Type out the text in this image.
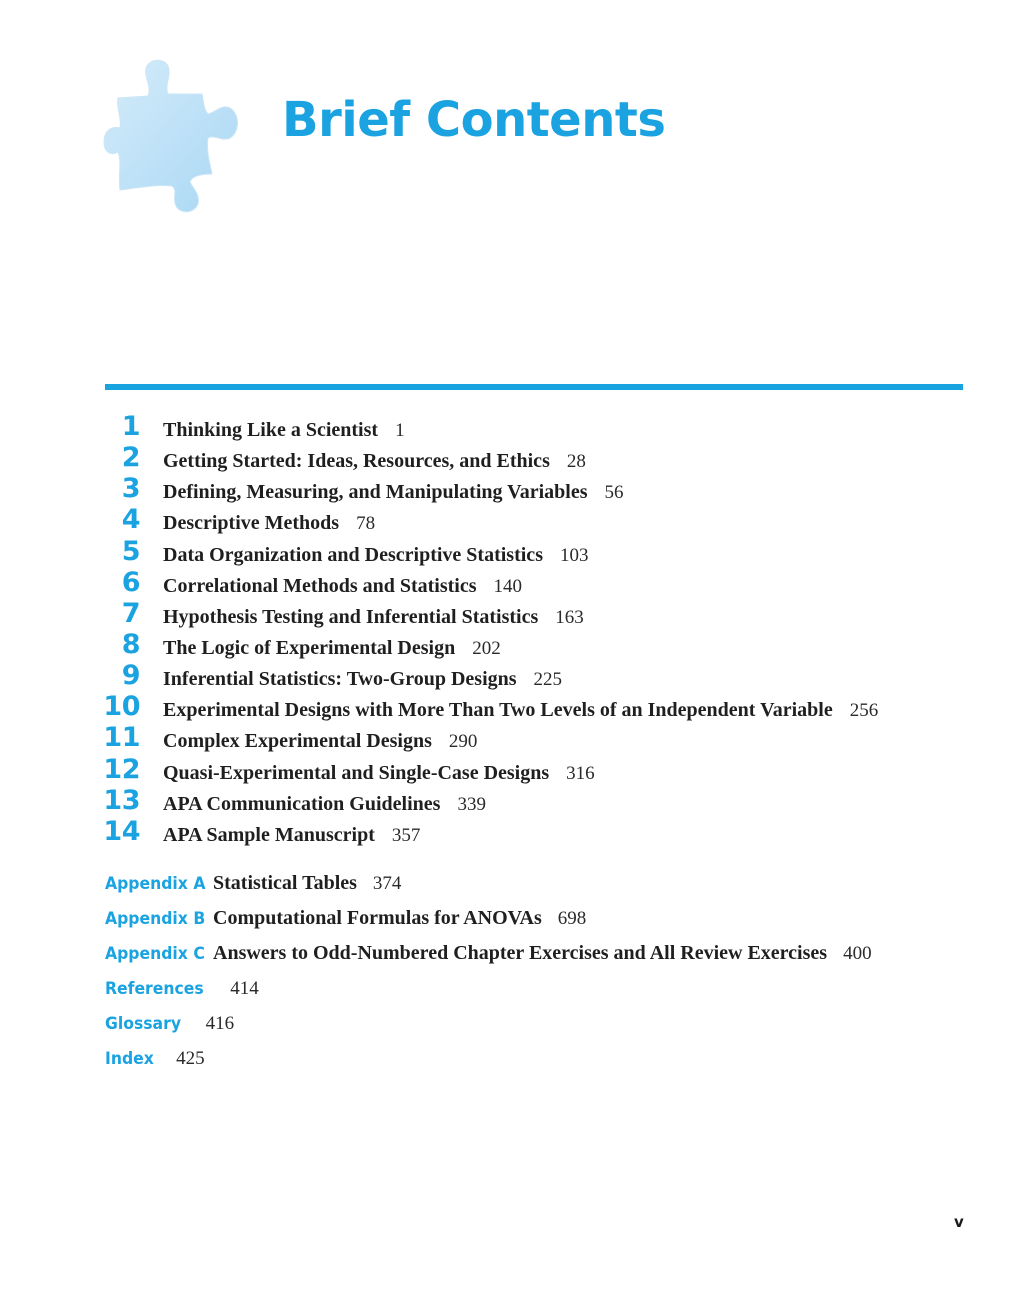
Brief Contents
1 Thinking Like a Scientist 1
2 Getting Started: Ideas, Resources, and Ethics 28
3 Defining, Measuring, and Manipulating Variables 56
4 Descriptive Methods 78
5 Data Organization and Descriptive Statistics 103
6 Correlational Methods and Statistics 140
7 Hypothesis Testing and Inferential Statistics 163
8 The Logic of Experimental Design 202
9 Inferential Statistics: Two-Group Designs 225
10 Experimental Designs with More Than Two Levels of an Independent Variable 256
11 Complex Experimental Designs 290
12 Quasi-Experimental and Single-Case Designs 316
13 APA Communication Guidelines 339
14 APA Sample Manuscript 357
Appendix A Statistical Tables 374
Appendix B Computational Formulas for ANOVAs 698
Appendix C Answers to Odd-Numbered Chapter Exercises and All Review Exercises 400
References 414
Glossary 416
Index 425
v
